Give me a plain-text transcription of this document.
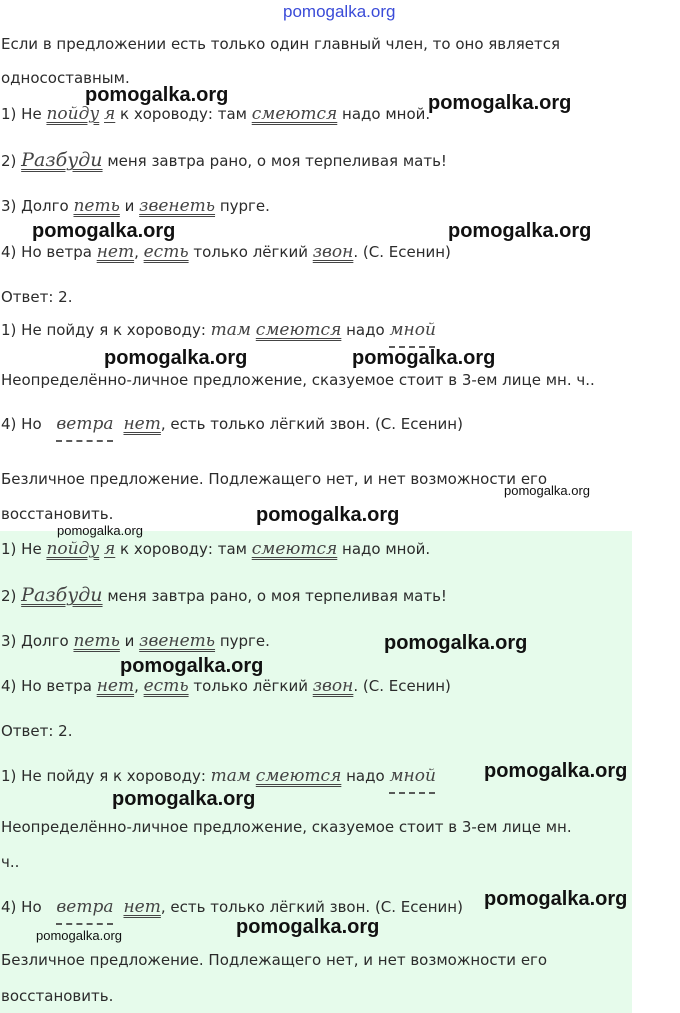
pomogalka.org
Если в предложении есть только один главный член, то оно является
односоставным.
1) Не пойду я к хороводу: там смеются надо мной.
2) Разбуди меня завтра рано, о моя терпеливая мать!
3) Долго петь и звенеть пурге.
4) Но ветра нет, есть только лёгкий звон. (С. Есенин)
Ответ: 2.
1) Не пойду я к хороводу: там смеются надо мной
Неопределённо-личное предложение, сказуемое стоит в 3-ем лице мн. ч..
4) Но ветра нет, есть только лёгкий звон. (С. Есенин)
Безличное предложение. Подлежащего нет, и нет возможности его
восстановить.
1) Не пойду я к хороводу: там смеются надо мной.
2) Разбуди меня завтра рано, о моя терпеливая мать!
3) Долго петь и звенеть пурге.
4) Но ветра нет, есть только лёгкий звон. (С. Есенин)
Ответ: 2.
1) Не пойду я к хороводу: там смеются надо мной
Неопределённо-личное предложение, сказуемое стоит в 3-ем лице мн.
ч..
4) Но ветра нет, есть только лёгкий звон. (С. Есенин)
Безличное предложение. Подлежащего нет, и нет возможности его
восстановить.
pomogalka.org	pomogalka.org
pomogalka.org	pomogalka.org
pomogalka.org	pomogalka.org
pomogalka.org
pomogalka.org
pomogalka.org
pomogalka.org
pomogalka.org
pomogalka.org
pomogalka.org
pomogalka.org
pomogalka.org
pomogalka.org
